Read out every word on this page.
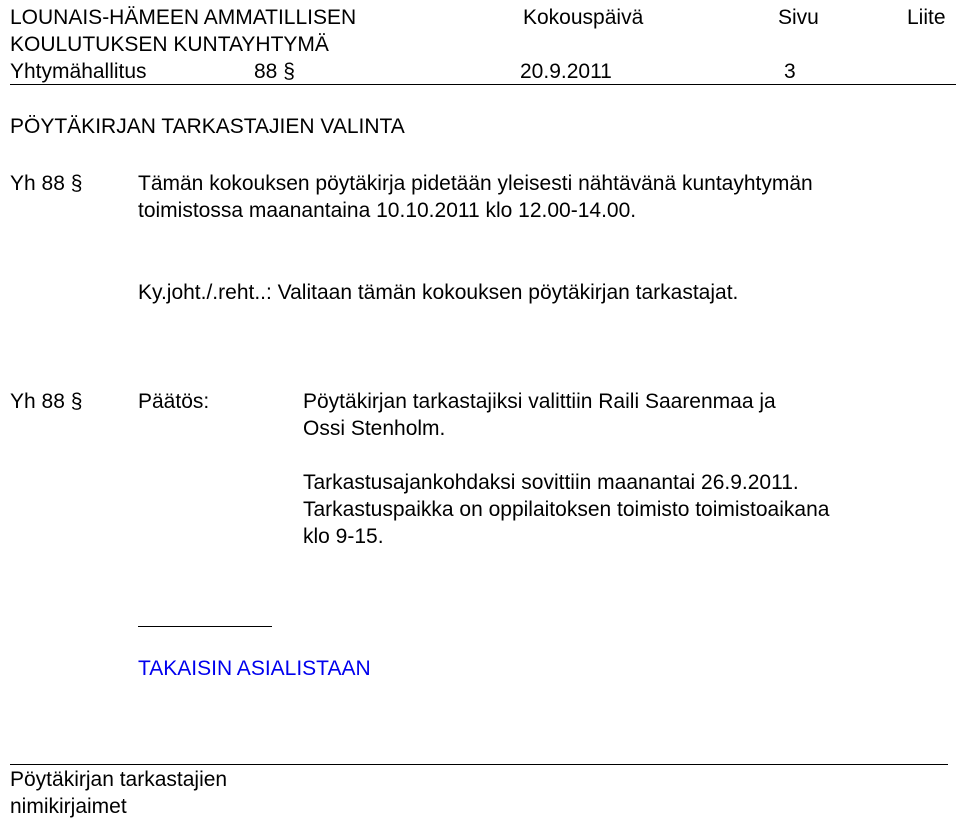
LOUNAIS-HÄMEEN AMMATILLISEN	Kokouspäivä	Sivu	Liite
KOULUTUKSEN KUNTAYHTYMÄ
Yhtymähallitus	88 §	20.9.2011	3
PÖYTÄKIRJAN TARKASTAJIEN VALINTA
Yh 88 §	Tämän kokouksen pöytäkirja pidetään yleisesti nähtävänä kuntayhtymän
toimistossa maanantaina 10.10.2011 klo 12.00-14.00.
Ky.joht./.reht..: Valitaan tämän kokouksen pöytäkirjan tarkastajat.
Yh 88 §	Päätös:	Pöytäkirjan tarkastajiksi valittiin Raili Saarenmaa ja
Ossi Stenholm.
Tarkastusajankohdaksi sovittiin maanantai 26.9.2011.
Tarkastuspaikka on oppilaitoksen toimisto toimistoaikana
klo 9-15.
TAKAISIN ASIALISTAAN
Pöytäkirjan tarkastajien
nimikirjaimet
